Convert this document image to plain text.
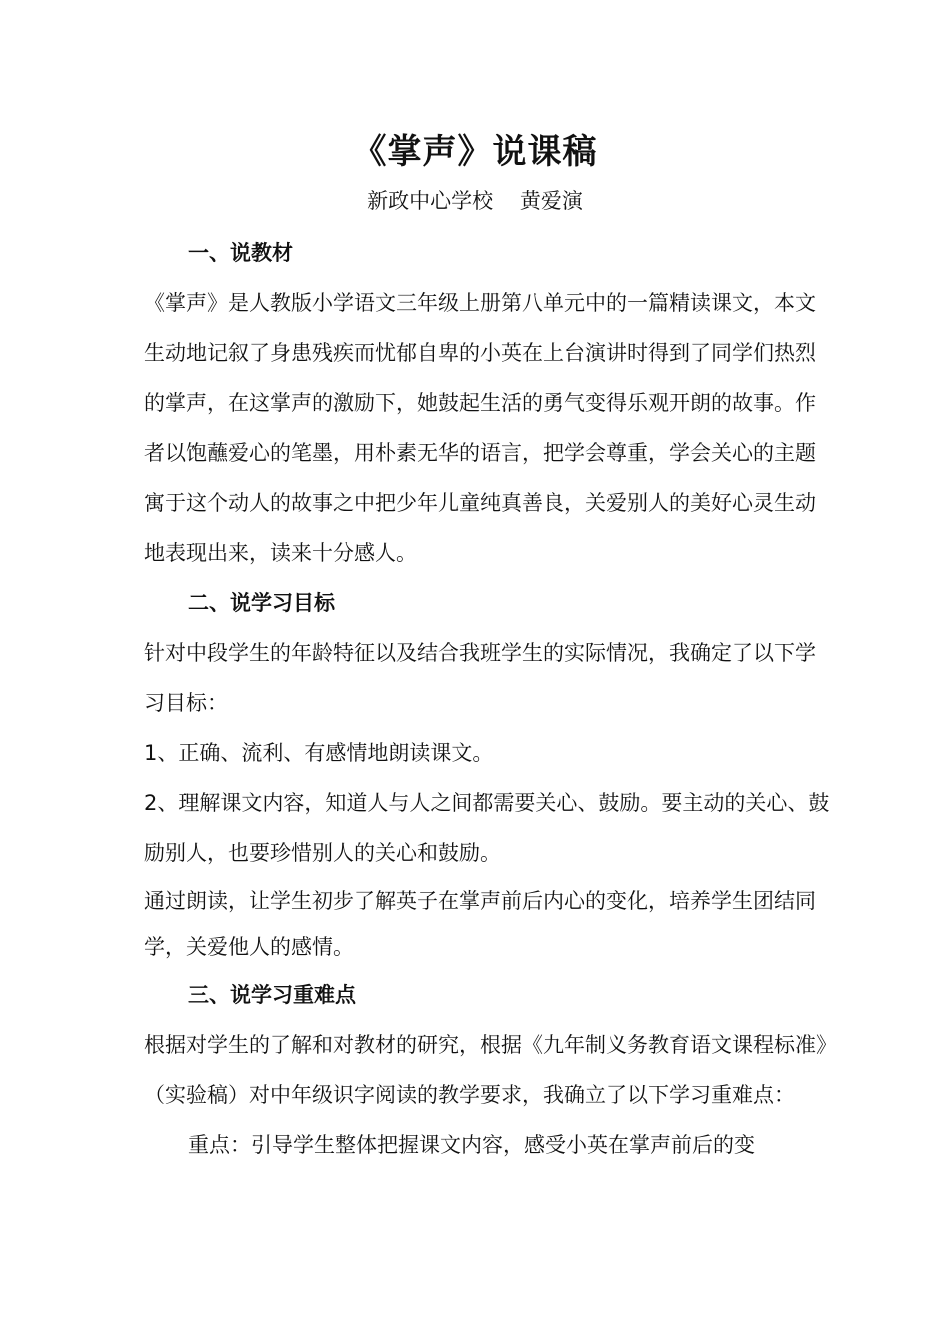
《掌声》说课稿
新政中心学校    黄爱演

一、说教材

《掌声》是人教版小学语文三年级上册第八单元中的一篇精读课文，本文生动地记叙了身患残疾而忧郁自卑的小英在上台演讲时得到了同学们热烈的掌声，在这掌声的激励下，她鼓起生活的勇气变得乐观开朗的故事。作者以饱蘸爱心的笔墨，用朴素无华的语言，把学会尊重，学会关心的主题寓于这个动人的故事之中把少年儿童纯真善良，关爱别人的美好心灵生动地表现出来，读来十分感人。

二、说学习目标

针对中段学生的年龄特征以及结合我班学生的实际情况，我确定了以下学习目标：

1、正确、流利、有感情地朗读课文。

2、理解课文内容，知道人与人之间都需要关心、鼓励。要主动的关心、鼓励别人，也要珍惜别人的关心和鼓励。

通过朗读，让学生初步了解英子在掌声前后内心的变化，培养学生团结同学，关爱他人的感情。

三、说学习重难点

根据对学生的了解和对教材的研究，根据《九年制义务教育语文课程标准》（实验稿）对中年级识字阅读的教学要求，我确立了以下学习重难点：

重点：引导学生整体把握课文内容，感受小英在掌声前后的变
